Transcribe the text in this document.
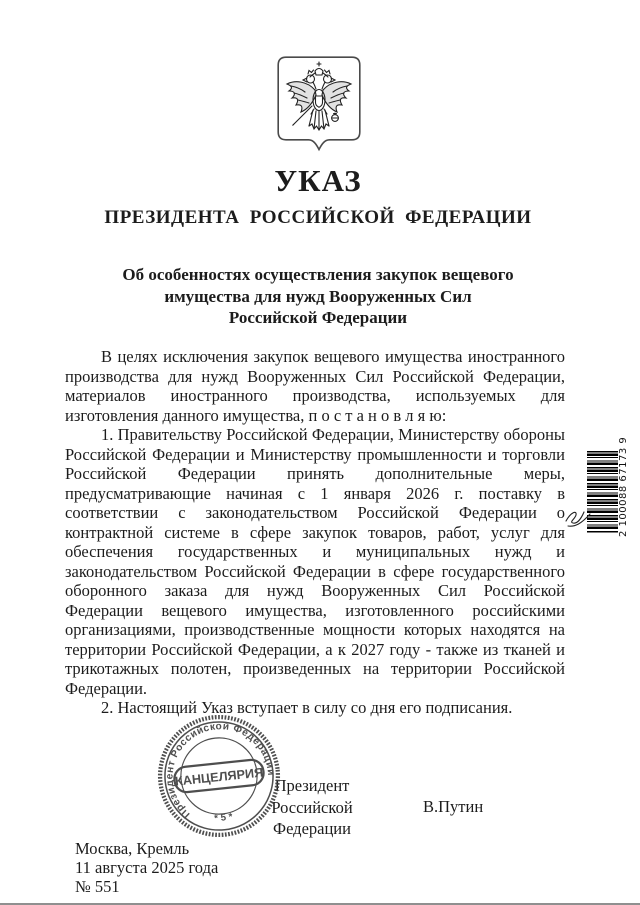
УКАЗ
ПРЕЗИДЕНТА РОССИЙСКОЙ ФЕДЕРАЦИИ
Об особенностях осуществления закупок вещевого
имущества для нужд Вооруженных Сил
Российской Федерации

В целях исключения закупок вещевого имущества иностранного производства для нужд Вооруженных Сил Российской Федерации, материалов иностранного производства, используемых для изготовления данного имущества, п о с т а н о в л я ю:

1. Правительству Российской Федерации, Министерству обороны Российской Федерации и Министерству промышленности и торговли Российской Федерации принять дополнительные меры, предусматривающие начиная с 1 января 2026 г. поставку в соответствии с законодательством Российской Федерации о контрактной системе в сфере закупок товаров, работ, услуг для обеспечения государственных и муниципальных нужд и законодательством Российской Федерации в сфере государственного оборонного заказа для нужд Вооруженных Сил Российской Федерации вещевого имущества, изготовленного российскими организациями, производственные мощности которых находятся на территории Российской Федерации, а к 2027 году - также из тканей и трикотажных полотен, произведенных на территории Российской Федерации.

2. Настоящий Указ вступает в силу со дня его подписания.

Президент
Российской Федерации
В.Путин
Президент Российской Федерации
КАНЦЕЛЯРИЯ
* 5 *
Москва, Кремль
11 августа 2025 года
№ 551
2 100088 67173 9
